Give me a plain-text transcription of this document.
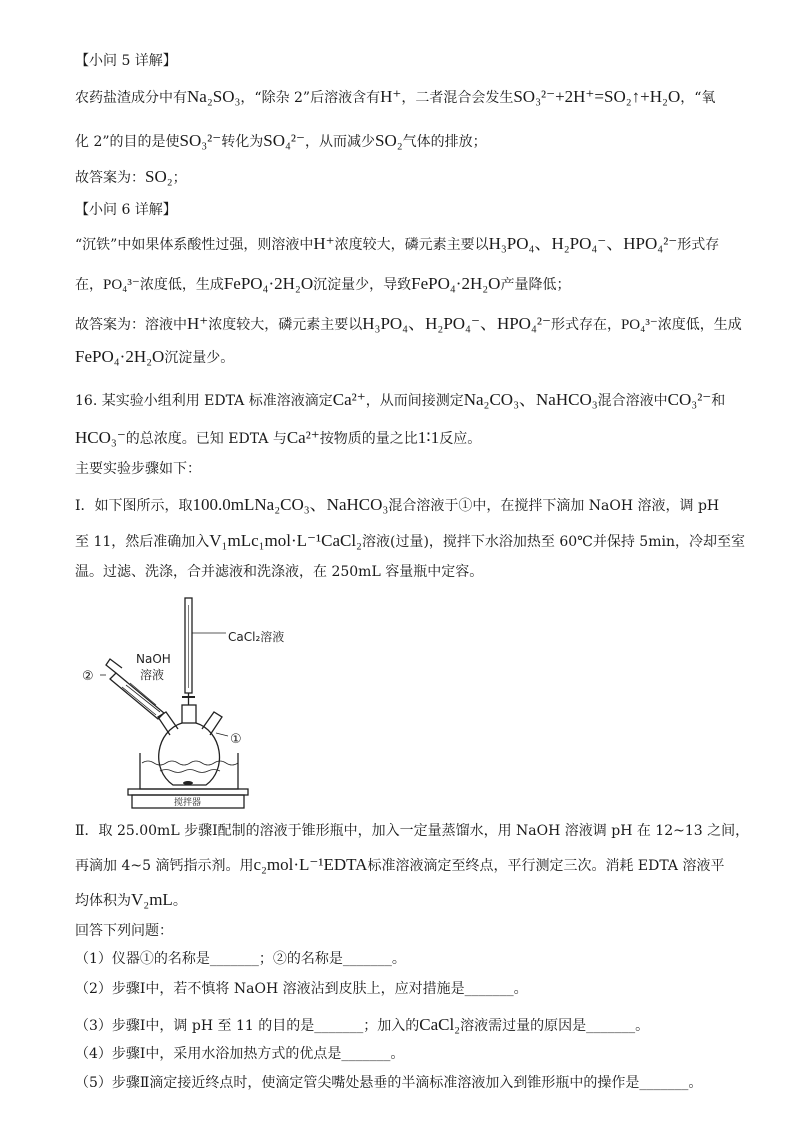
【小问 5 详解】
农药盐渣成分中有Na₂SO₃，“除杂 2”后溶液含有H⁺，二者混合会发生SO₃²⁻+2H⁺=SO₂↑+H₂O，“氧
化 2”的目的是使SO₃²⁻转化为SO₄²⁻，从而减少SO₂气体的排放；
故答案为：SO₂；
【小问 6 详解】
“沉铁”中如果体系酸性过强，则溶液中H⁺浓度较大，磷元素主要以H₃PO₄、H₂PO₄⁻、HPO₄²⁻形式存
在，PO₄³⁻浓度低，生成FePO₄·2H₂O沉淀量少，导致FePO₄·2H₂O产量降低；
故答案为：溶液中H⁺浓度较大，磷元素主要以H₃PO₄、H₂PO₄⁻、HPO₄²⁻形式存在，PO₄³⁻浓度低，生成
FePO₄·2H₂O沉淀量少。
16. 某实验小组利用 EDTA 标准溶液滴定Ca²⁺，从而间接测定Na₂CO₃、NaHCO₃混合溶液中CO₃²⁻和
HCO₃⁻的总浓度。已知 EDTA 与Ca²⁺按物质的量之比1∶1反应。
主要实验步骤如下：
Ⅰ．如下图所示，取100.0mLNa₂CO₃、NaHCO₃混合溶液于①中，在搅拌下滴加 NaOH 溶液，调 pH
至 11，然后准确加入V₁mLc₁mol·L⁻¹CaCl₂溶液(过量)，搅拌下水浴加热至 60℃并保持 5min，冷却至室
温。过滤、洗涤，合并滤液和洗涤液，在 250mL 容量瓶中定容。
CaCl₂溶液
NaOH
溶液
②
①
搅拌器
Ⅱ．取 25.00mL 步骤Ⅰ配制的溶液于锥形瓶中，加入一定量蒸馏水，用 NaOH 溶液调 pH 在 12~13 之间，
再滴加 4~5 滴钙指示剂。用c₂mol·L⁻¹EDTA标准溶液滴定至终点，平行测定三次。消耗 EDTA 溶液平
均体积为V₂mL。
回答下列问题：
（1）仪器①的名称是_______；②的名称是_______。
（2）步骤Ⅰ中，若不慎将 NaOH 溶液沾到皮肤上，应对措施是_______。
（3）步骤Ⅰ中，调 pH 至 11 的目的是_______；加入的CaCl₂溶液需过量的原因是_______。
（4）步骤Ⅰ中，采用水浴加热方式的优点是_______。
（5）步骤Ⅱ滴定接近终点时，使滴定管尖嘴处悬垂的半滴标准溶液加入到锥形瓶中的操作是_______。
